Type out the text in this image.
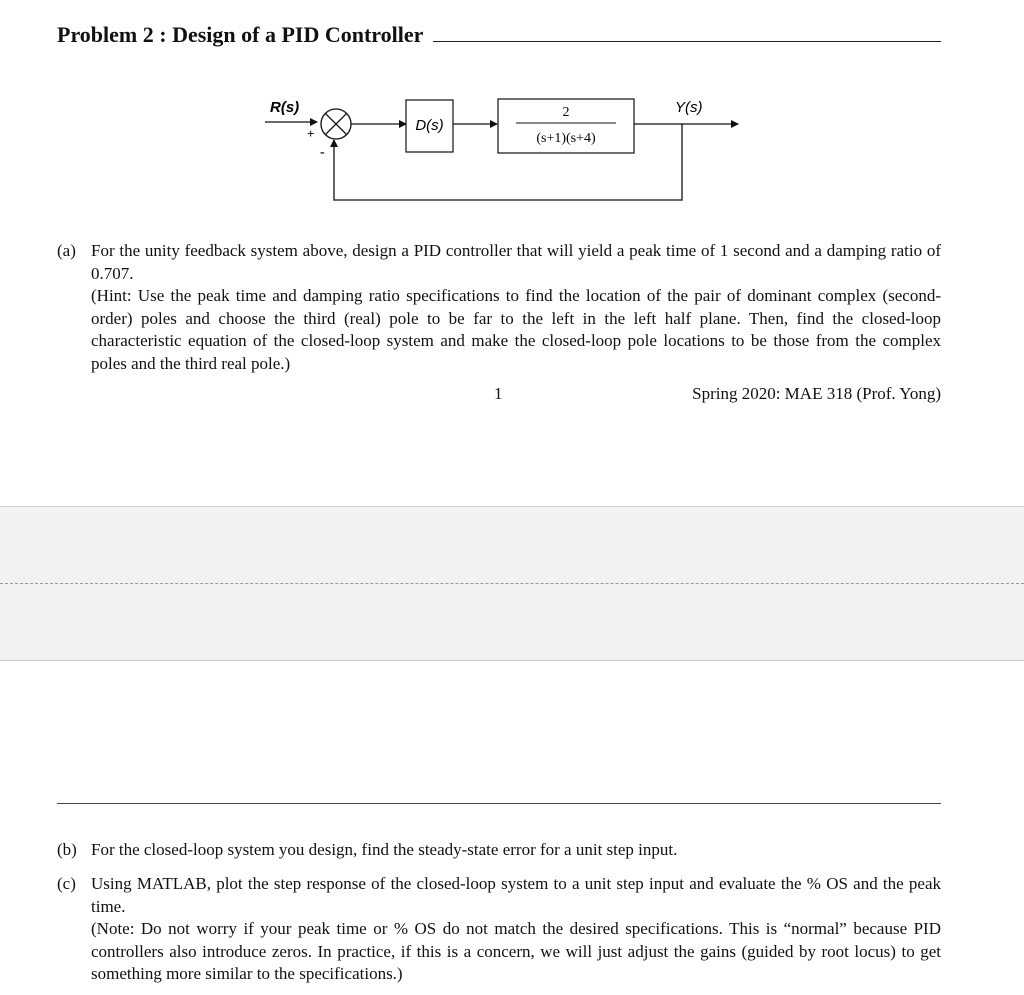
Problem 2 : Design of a PID Controller
R(s)
+
-
D(s)
2
(s+1)(s+4)
Y(s)
(a) For the unity feedback system above, design a PID controller that will yield a peak time of 1 second and a damping ratio of 0.707.

(Hint: Use the peak time and damping ratio specifications to find the location of the pair of dominant complex (second-order) poles and choose the third (real) pole to be far to the left in the left half plane. Then, find the closed-loop characteristic equation of the closed-loop system and make the closed-loop pole locations to be those from the complex poles and the third real pole.)

1	Spring 2020: MAE 318 (Prof. Yong)
(b) For the closed-loop system you design, find the steady-state error for a unit step input.

(c) Using MATLAB, plot the step response of the closed-loop system to a unit step input and evaluate the % OS and the peak time.

(Note: Do not worry if your peak time or % OS do not match the desired specifications. This is “normal” because PID controllers also introduce zeros. In practice, if this is a concern, we will just adjust the gains (guided by root locus) to get something more similar to the specifications.)
